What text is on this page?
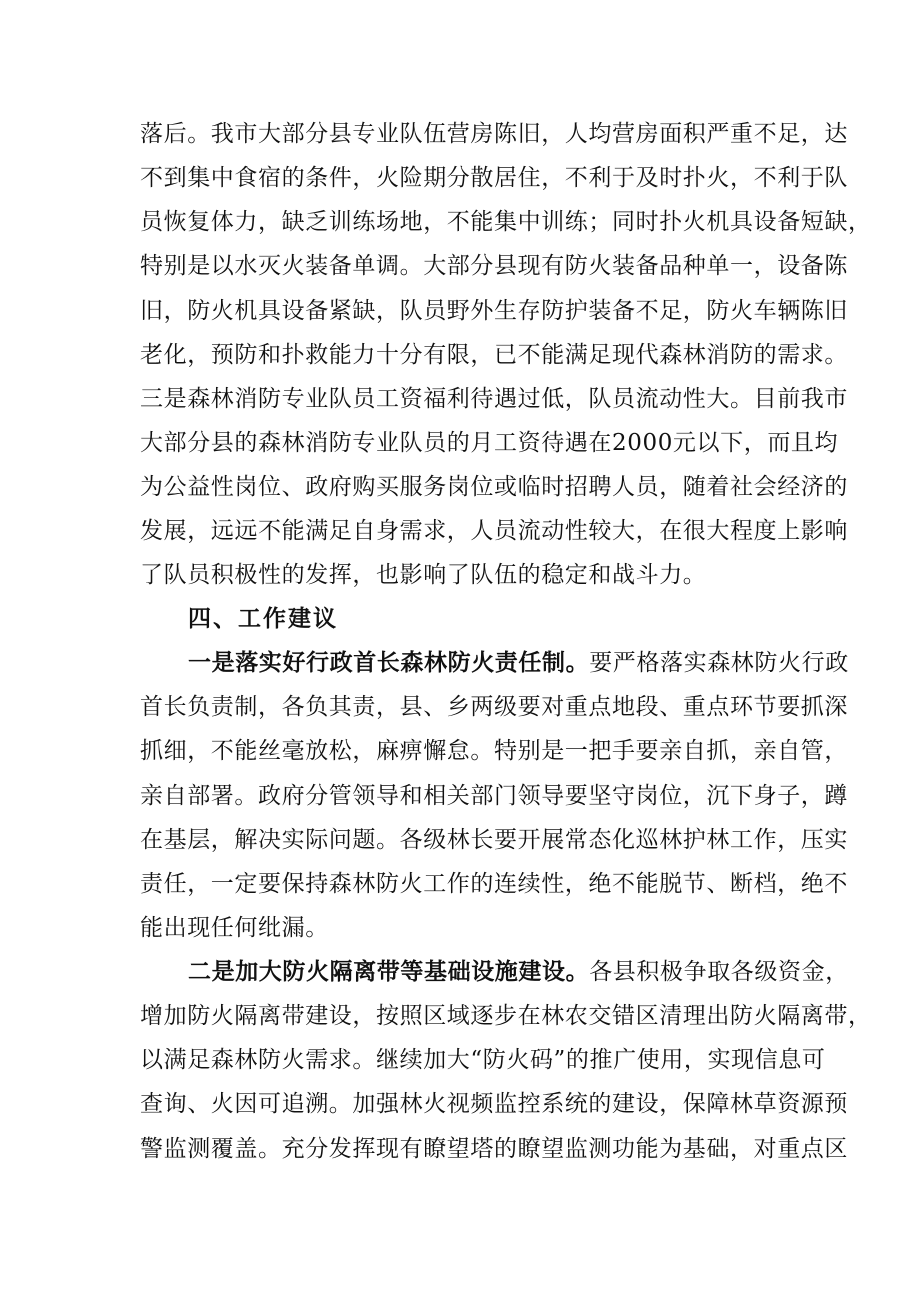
落后。我市大部分县专业队伍营房陈旧，人均营房面积严重不足，达
不到集中食宿的条件，火险期分散居住，不利于及时扑火，不利于队
员恢复体力，缺乏训练场地，不能集中训练；同时扑火机具设备短缺，
特别是以水灭火装备单调。大部分县现有防火装备品种单一，设备陈
旧，防火机具设备紧缺，队员野外生存防护装备不足，防火车辆陈旧
老化，预防和扑救能力十分有限，已不能满足现代森林消防的需求。
三是森林消防专业队员工资福利待遇过低，队员流动性大。目前我市
大部分县的森林消防专业队员的月工资待遇在2000元以下，而且均
为公益性岗位、政府购买服务岗位或临时招聘人员，随着社会经济的
发展，远远不能满足自身需求，人员流动性较大，在很大程度上影响
了队员积极性的发挥，也影响了队伍的稳定和战斗力。
四、工作建议
一是落实好行政首长森林防火责任制。要严格落实森林防火行政
首长负责制，各负其责，县、乡两级要对重点地段、重点环节要抓深
抓细，不能丝毫放松，麻痹懈怠。特别是一把手要亲自抓，亲自管，
亲自部署。政府分管领导和相关部门领导要坚守岗位，沉下身子，蹲
在基层，解决实际问题。各级林长要开展常态化巡林护林工作，压实
责任，一定要保持森林防火工作的连续性，绝不能脱节、断档，绝不
能出现任何纰漏。
二是加大防火隔离带等基础设施建设。各县积极争取各级资金，
增加防火隔离带建设，按照区域逐步在林农交错区清理出防火隔离带，
以满足森林防火需求。继续加大“防火码”的推广使用，实现信息可
查询、火因可追溯。加强林火视频监控系统的建设，保障林草资源预
警监测覆盖。充分发挥现有瞭望塔的瞭望监测功能为基础，对重点区
